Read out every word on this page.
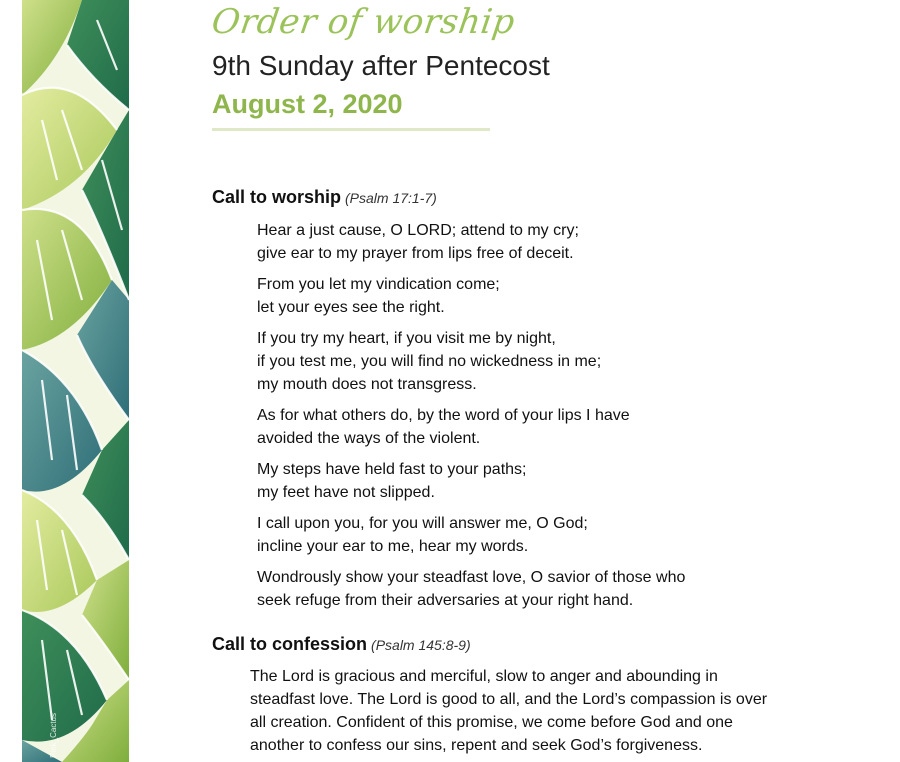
Pink_Cactus
Order of worship
9th Sunday after Pentecost
August 2, 2020
Call to worship (Psalm 17:1-7)
Hear a just cause, O LORD; attend to my cry;
give ear to my prayer from lips free of deceit.
From you let my vindication come;
let your eyes see the right.
If you try my heart, if you visit me by night,
if you test me, you will find no wickedness in me;
my mouth does not transgress.
As for what others do, by the word of your lips I have
avoided the ways of the violent.
My steps have held fast to your paths;
my feet have not slipped.
I call upon you, for you will answer me, O God;
incline your ear to me, hear my words.
Wondrously show your steadfast love, O savior of those who
seek refuge from their adversaries at your right hand.
Call to confession (Psalm 145:8-9)
The Lord is gracious and merciful, slow to anger and abounding in
steadfast love. The Lord is good to all, and the Lord’s compassion is over
all creation. Confident of this promise, we come before God and one
another to confess our sins, repent and seek God’s forgiveness.
